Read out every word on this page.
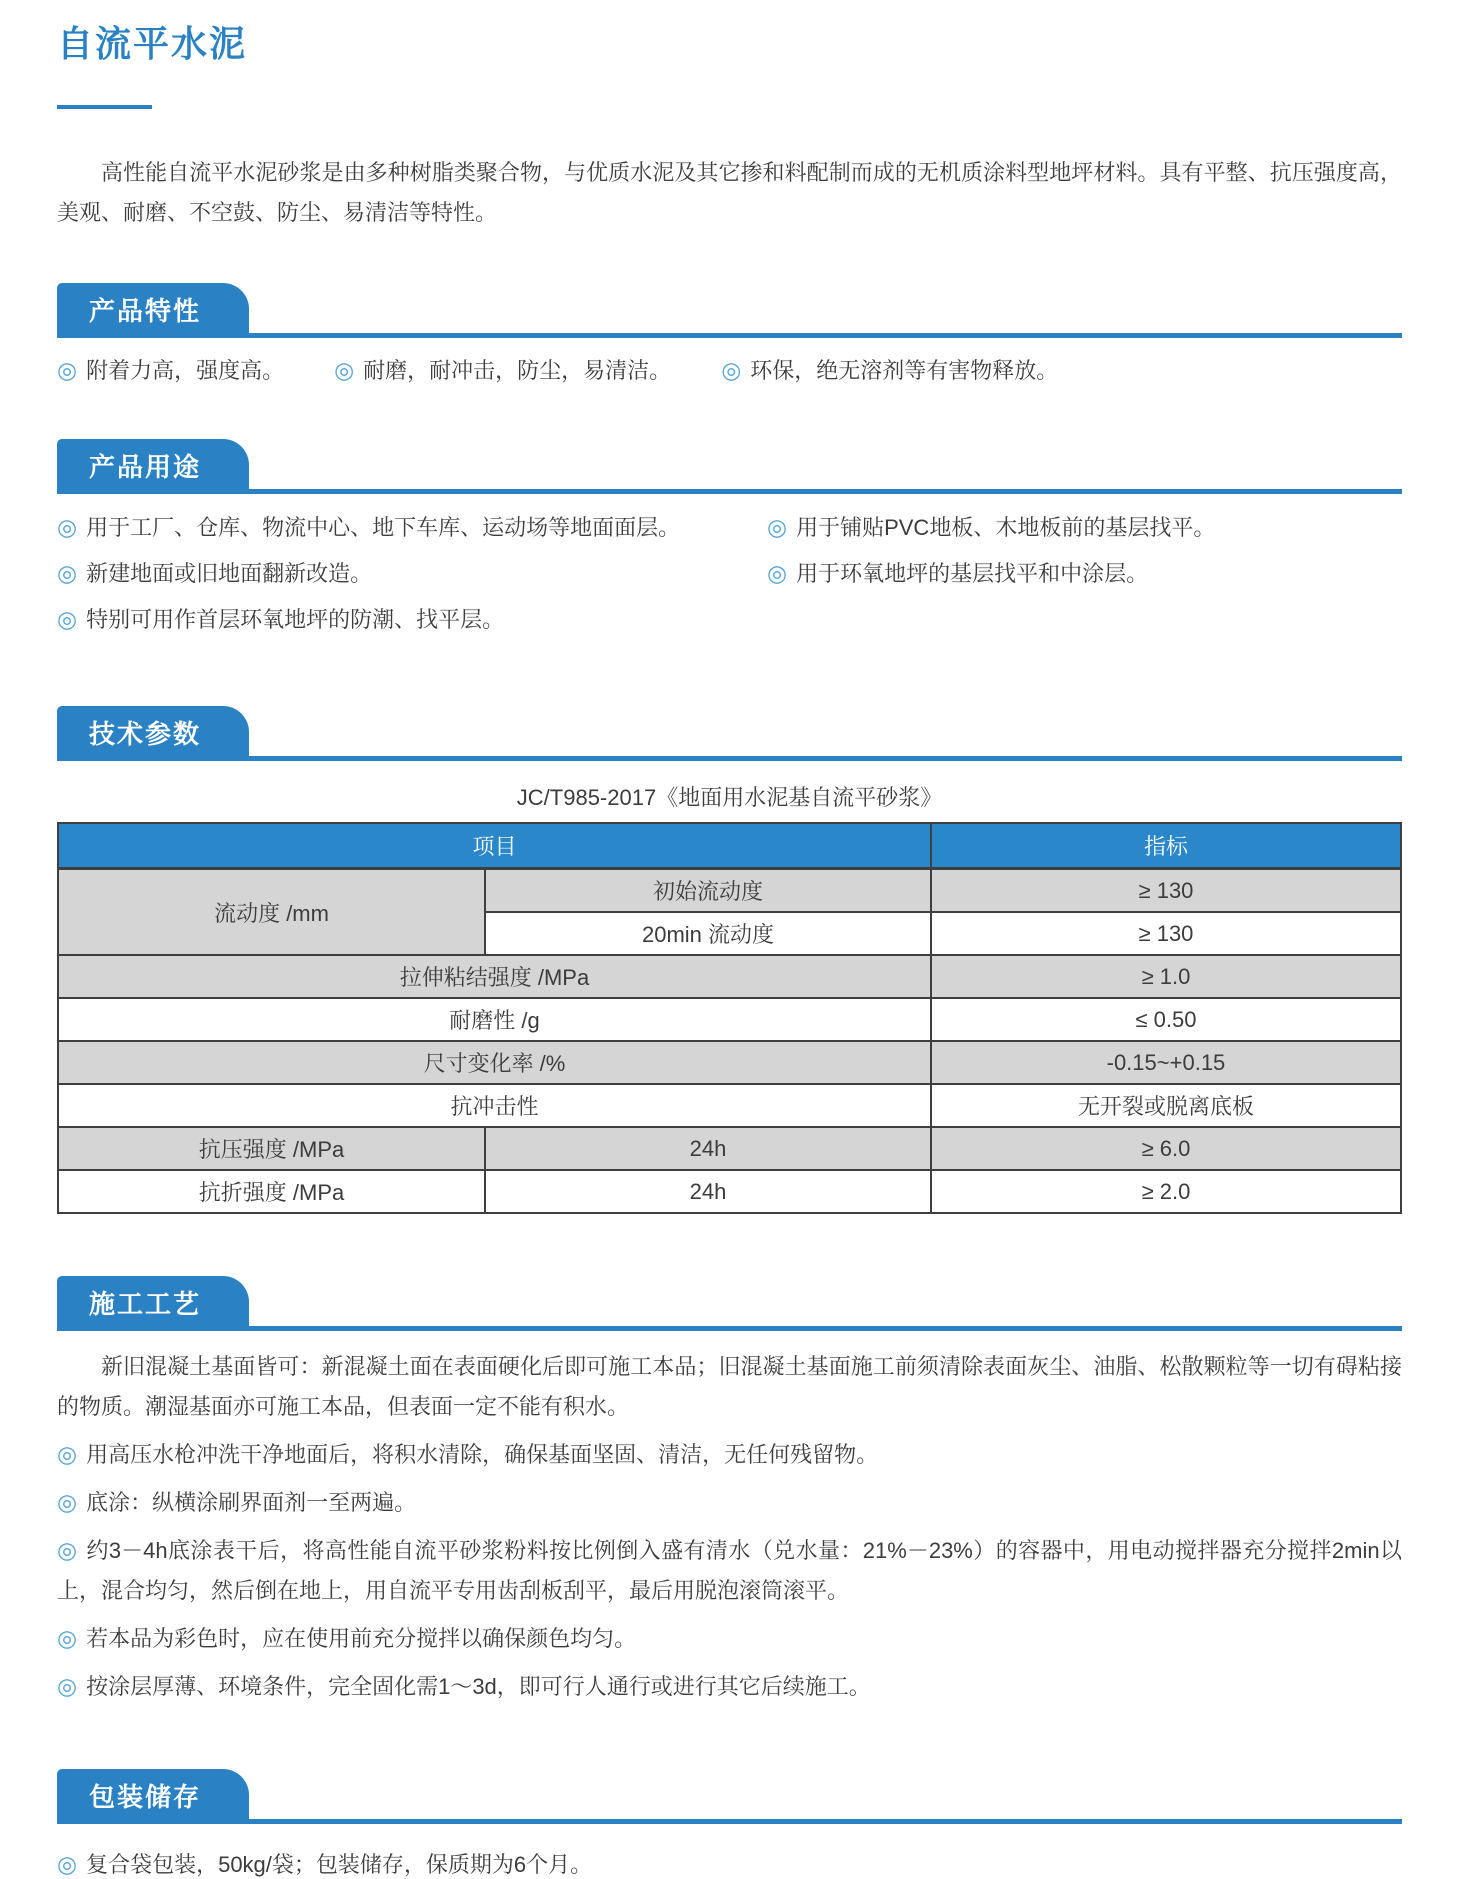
自流平水泥

高性能自流平水泥砂浆是由多种树脂类聚合物，与优质水泥及其它掺和料配制而成的无机质涂料型地坪材料。具有平整、抗压强度高，美观、耐磨、不空鼓、防尘、易清洁等特性。

产品特性
◎ 附着力高，强度高。 ◎ 耐磨，耐冲击，防尘，易清洁。 ◎ 环保，绝无溶剂等有害物释放。
产品用途
◎ 用于工厂、仓库、物流中心、地下车库、运动场等地面面层。
◎ 新建地面或旧地面翻新改造。
◎ 特别可用作首层环氧地坪的防潮、找平层。
◎ 用于铺贴PVC地板、木地板前的基层找平。
◎ 用于环氧地坪的基层找平和中涂层。
技术参数
JC/T985-2017《地面用水泥基自流平砂浆》
项目		指标
流动度 /mm	初始流动度	≥ 130
	20min 流动度	≥ 130
拉伸粘结强度 /MPa		≥ 1.0
耐磨性 /g		≤ 0.50
尺寸变化率 /%		-0.15~+0.15
抗冲击性		无开裂或脱离底板
抗压强度 /MPa	24h	≥ 6.0
抗折强度 /MPa	24h	≥ 2.0
施工工艺

新旧混凝土基面皆可：新混凝土面在表面硬化后即可施工本品；旧混凝土基面施工前须清除表面灰尘、油脂、松散颗粒等一切有碍粘接的物质。潮湿基面亦可施工本品，但表面一定不能有积水。

◎ 用高压水枪冲洗干净地面后，将积水清除，确保基面坚固、清洁，无任何残留物。
◎ 底涂：纵横涂刷界面剂一至两遍。
◎ 约3－4h底涂表干后，将高性能自流平砂浆粉料按比例倒入盛有清水（兑水量：21%－23%）的容器中，用电动搅拌器充分搅拌2min以上，混合均匀，然后倒在地上，用自流平专用齿刮板刮平，最后用脱泡滚筒滚平。
◎ 若本品为彩色时，应在使用前充分搅拌以确保颜色均匀。
◎ 按涂层厚薄、环境条件，完全固化需1～3d，即可行人通行或进行其它后续施工。
包装储存
◎ 复合袋包装，50kg/袋；包装储存，保质期为6个月。
